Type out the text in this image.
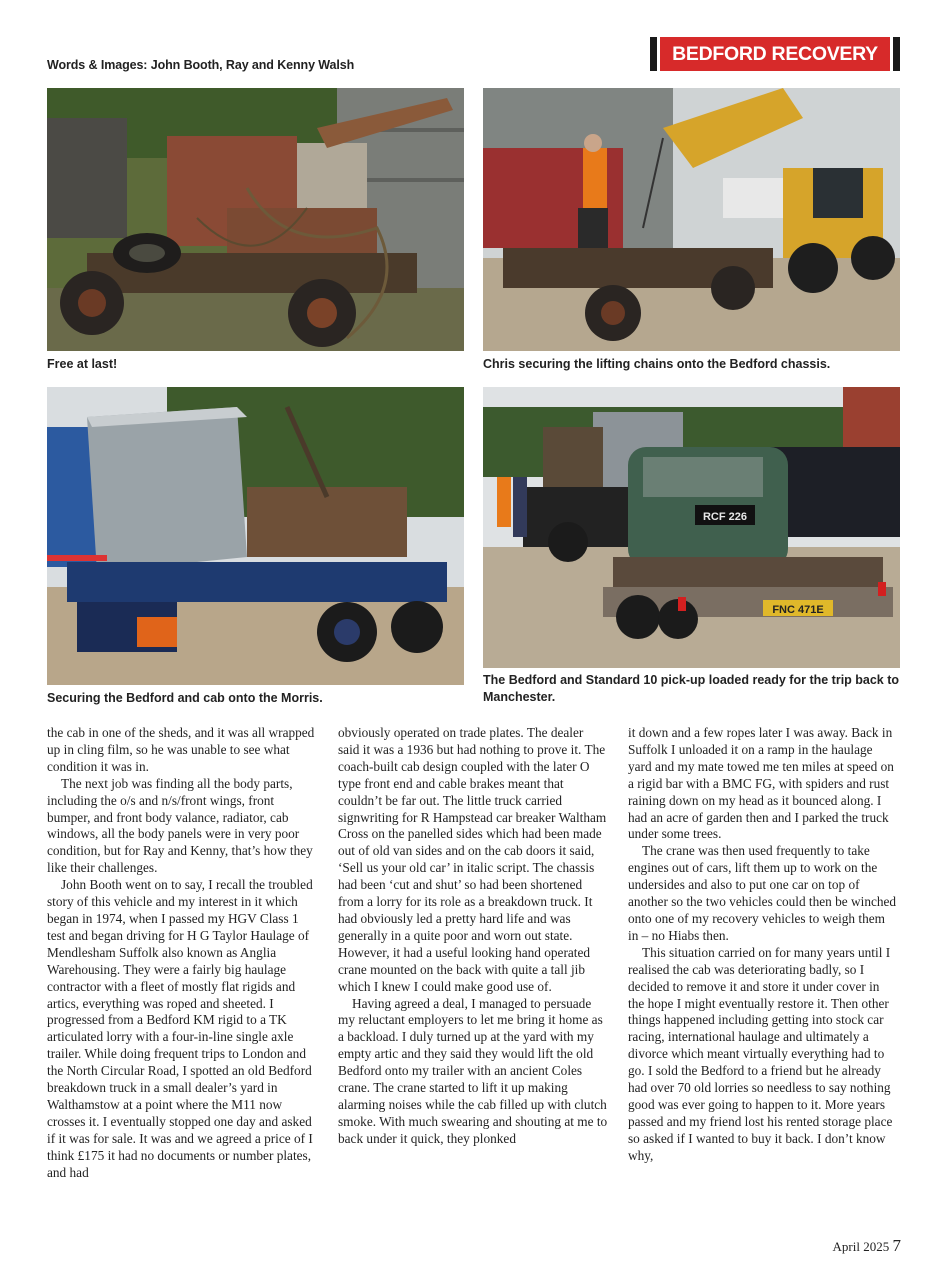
Words & Images: John Booth, Ray and Kenny Walsh	BEDFORD RECOVERY
Free at last!	Chris securing the lifting chains onto the Bedford chassis.
Securing the Bedford and cab onto the Morris.
RCF 226
FNC 471E
The Bedford and Standard 10 pick-up loaded ready for the trip back to Manchester.

the cab in one of the sheds, and it was all wrapped up in cling film, so he was unable to see what condition it was in.

The next job was finding all the body parts, including the o/s and n/s/front wings, front bumper, and front body valance, radiator, cab windows, all the body panels were in very poor condition, but for Ray and Kenny, that’s how they like their challenges.

John Booth went on to say, I recall the troubled story of this vehicle and my interest in it which began in 1974, when I passed my HGV Class 1 test and began driving for H G Taylor Haulage of Mendlesham Suffolk also known as Anglia Warehousing. They were a fairly big haulage contractor with a fleet of mostly flat rigids and artics, everything was roped and sheeted. I progressed from a Bedford KM rigid to a TK articulated lorry with a four-in-line single axle trailer. While doing frequent trips to London and the North Circular Road, I spotted an old Bedford breakdown truck in a small dealer’s yard in Walthamstow at a point where the M11 now crosses it. I eventually stopped one day and asked if it was for sale. It was and we agreed a price of I think £175 it had no documents or number plates, and had

obviously operated on trade plates. The dealer said it was a 1936 but had nothing to prove it. The coach-built cab design coupled with the later O type front end and cable brakes meant that couldn’t be far out. The little truck carried signwriting for R Hampstead car breaker Waltham Cross on the panelled sides which had been made out of old van sides and on the cab doors it said, ‘Sell us your old car’ in italic script. The chassis had been ‘cut and shut’ so had been shortened from a lorry for its role as a breakdown truck. It had obviously led a pretty hard life and was generally in a quite poor and worn out state. However, it had a useful looking hand operated crane mounted on the back with quite a tall jib which I knew I could make good use of.

Having agreed a deal, I managed to persuade my reluctant employers to let me bring it home as a backload. I duly turned up at the yard with my empty artic and they said they would lift the old Bedford onto my trailer with an ancient Coles crane. The crane started to lift it up making alarming noises while the cab filled up with clutch smoke. With much swearing and shouting at me to back under it quick, they plonked

it down and a few ropes later I was away. Back in Suffolk I unloaded it on a ramp in the haulage yard and my mate towed me ten miles at speed on a rigid bar with a BMC FG, with spiders and rust raining down on my head as it bounced along. I had an acre of garden then and I parked the truck under some trees.

The crane was then used frequently to take engines out of cars, lift them up to work on the undersides and also to put one car on top of another so the two vehicles could then be winched onto one of my recovery vehicles to weigh them in – no Hiabs then.

This situation carried on for many years until I realised the cab was deteriorating badly, so I decided to remove it and store it under cover in the hope I might eventually restore it. Then other things happened including getting into stock car racing, international haulage and ultimately a divorce which meant virtually everything had to go. I sold the Bedford to a friend but he already had over 70 old lorries so needless to say nothing good was ever going to happen to it. More years passed and my friend lost his rented storage place so asked if I wanted to buy it back. I don’t know why,

April 2025 7
